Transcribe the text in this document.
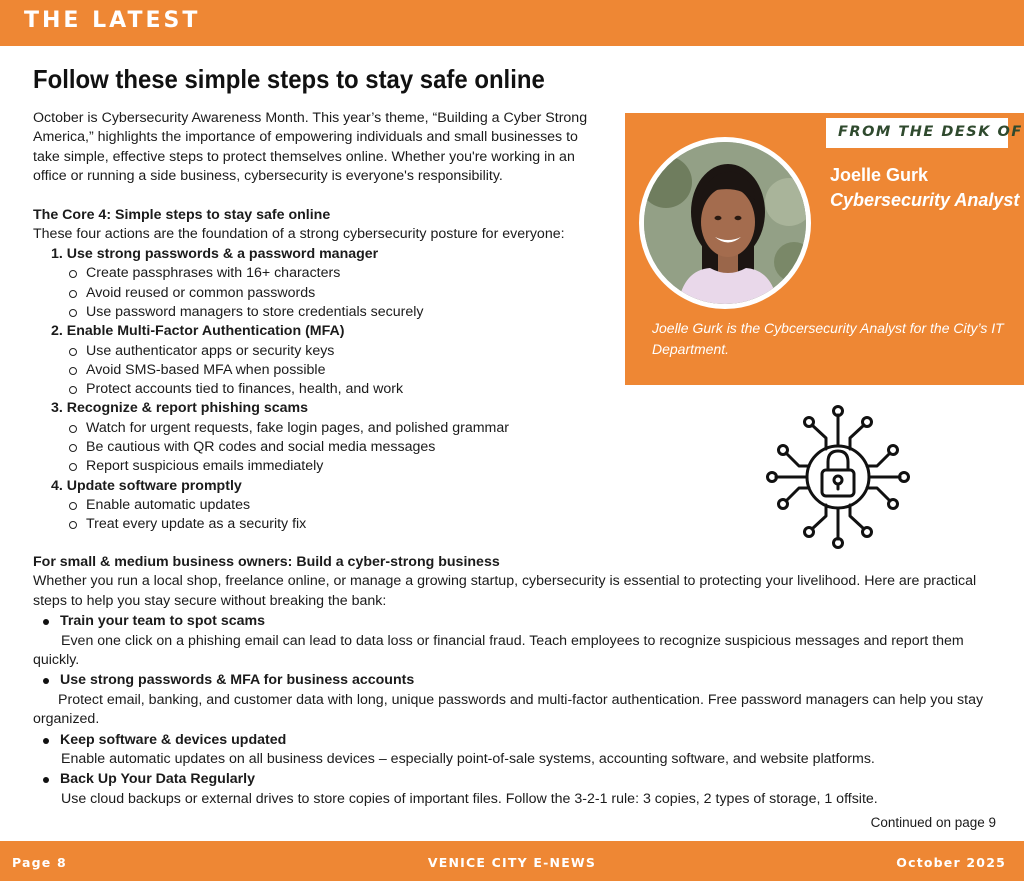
THE LATEST
Follow these simple steps to stay safe online

October is Cybersecurity Awareness Month. This year’s theme, “Building a Cyber Strong America,” highlights the importance of empowering individuals and small businesses to take simple, effective steps to protect themselves online. Whether you're working in an office or running a side business, cybersecurity is everyone's responsibility.

The Core 4: Simple steps to stay safe online
These four actions are the foundation of a strong cybersecurity posture for everyone:
1. Use strong passwords & a password manager
Create passphrases with 16+ characters
Avoid reused or common passwords
Use password managers to store credentials securely
2. Enable Multi-Factor Authentication (MFA)
Use authenticator apps or security keys
Avoid SMS-based MFA when possible
Protect accounts tied to finances, health, and work
3. Recognize & report phishing scams
Watch for urgent requests, fake login pages, and polished grammar
Be cautious with QR codes and social media messages
Report suspicious emails immediately
4. Update software promptly
Enable automatic updates
Treat every update as a security fix
FROM THE DESK OF
Joelle Gurk
Cybersecurity Analyst

Joelle Gurk is the Cybcersecurity Analyst for the City’s IT Department.

For small & medium business owners: Build a cyber-strong business
Whether you run a local shop, freelance online, or manage a growing startup, cybersecurity is essential to protecting your livelihood. Here are practical steps to help you stay secure without breaking the bank:
Train your team to spot scams
Even one click on a phishing email can lead to data loss or financial fraud. Teach employees to recognize suspicious messages and report them quickly.
Use strong passwords & MFA for business accounts
Protect email, banking, and customer data with long, unique passwords and multi-factor authentication. Free password managers can help you stay organized.
Keep software & devices updated
Enable automatic updates on all business devices – especially point-of-sale systems, accounting software, and website platforms.
Back Up Your Data Regularly
Use cloud backups or external drives to store copies of important files. Follow the 3-2-1 rule: 3 copies, 2 types of storage, 1 offsite.
Continued on page 9
Page 8	VENICE CITY E-NEWS	October 2025
